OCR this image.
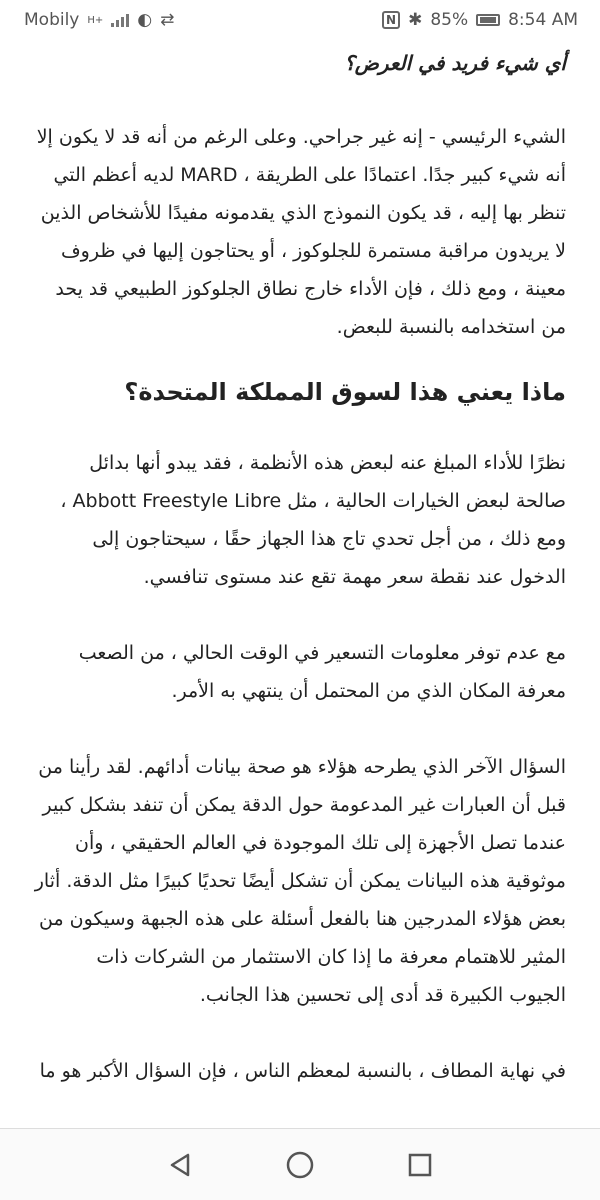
Mobily H+ ◐ ⇄	N ✱ 85% 8:54 AM

أي شيء فريد في العرض؟

الشيء الرئيسي - إنه غير جراحي. وعلى الرغم من أنه قد لا يكون إلا أنه شيء كبير جدًا. اعتمادًا على الطريقة ، MARD لديه أعظم التي تنظر بها إليه ، قد يكون النموذج الذي يقدمونه مفيدًا للأشخاص الذين لا يريدون مراقبة مستمرة للجلوكوز ، أو يحتاجون إليها في ظروف معينة ، ومع ذلك ، فإن الأداء خارج نطاق الجلوكوز الطبيعي قد يحد من استخدامه بالنسبة للبعض.

ماذا يعني هذا لسوق المملكة المتحدة؟

نظرًا للأداء المبلغ عنه لبعض هذه الأنظمة ، فقد يبدو أنها بدائل صالحة لبعض الخيارات الحالية ، مثل Abbott Freestyle Libre ، ومع ذلك ، من أجل تحدي تاج هذا الجهاز حقًا ، سيحتاجون إلى الدخول عند نقطة سعر مهمة تقع عند مستوى تنافسي.

مع عدم توفر معلومات التسعير في الوقت الحالي ، من الصعب معرفة المكان الذي من المحتمل أن ينتهي به الأمر.

السؤال الآخر الذي يطرحه هؤلاء هو صحة بيانات أدائهم. لقد رأينا من قبل أن العبارات غير المدعومة حول الدقة يمكن أن تنفد بشكل كبير عندما تصل الأجهزة إلى تلك الموجودة في العالم الحقيقي ، وأن موثوقية هذه البيانات يمكن أن تشكل أيضًا تحديًا كبيرًا مثل الدقة. أثار بعض هؤلاء المدرجين هنا بالفعل أسئلة على هذه الجبهة وسيكون من المثير للاهتمام معرفة ما إذا كان الاستثمار من الشركات ذات الجيوب الكبيرة قد أدى إلى تحسين هذا الجانب.

في نهاية المطاف ، بالنسبة لمعظم الناس ، فإن السؤال الأكبر هو ما
